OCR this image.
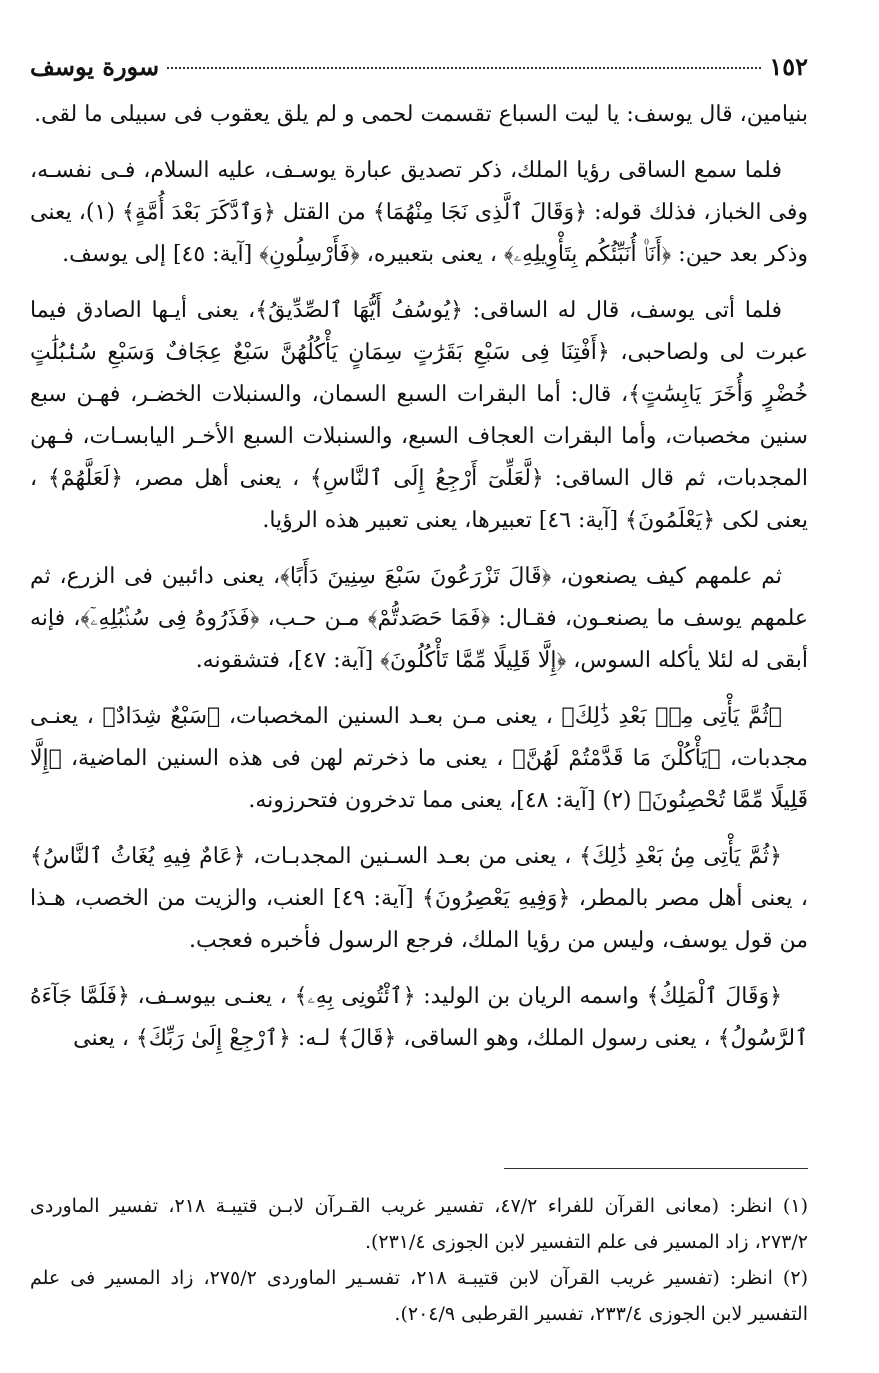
١٥٢
سورة يوسف

بنيامين، قال يوسف: يا ليت السباع تقسمت لحمى و لم يلق يعقوب فى سبيلى ما لقى.

فلما سمع الساقى رؤيا الملك، ذكر تصديق عبارة يوسـف، عليه السلام، فـى نفسـه، وفى الخباز، فذلك قوله: ﴿وَقَالَ ٱلَّذِى نَجَا مِنْهُمَا﴾ من القتل ﴿وَٱدَّكَرَ بَعْدَ أُمَّةٍ﴾ (١)، يعنى وذكر بعد حين: ﴿أَنَا۠ أُنَبِّئُكُم بِتَأْوِيلِهِۦ﴾ ، يعنى بتعبيره، ﴿فَأَرْسِلُونِ﴾ [آية: ٤٥] إلى يوسف.

فلما أتى يوسف، قال له الساقى: ﴿يُوسُفُ أَيُّهَا ٱلصِّدِّيقُ﴾، يعنى أيـها الصادق فيما عبرت لى ولصاحبى، ﴿أَفْتِنَا فِى سَبْعِ بَقَرَٰتٍ سِمَانٍ يَأْكُلُهُنَّ سَبْعٌ عِجَافٌ وَسَبْعِ سُنۢبُلَٰتٍ خُضْرٍ وَأُخَرَ يَابِسَٰتٍ﴾، قال: أما البقرات السبع السمان، والسنبلات الخضـر، فهـن سبع سنين مخصبات، وأما البقرات العجاف السبع، والسنبلات السبع الأخـر اليابسـات، فـهن المجدبات، ثم قال الساقى: ﴿لَّعَلِّىٓ أَرْجِعُ إِلَى ٱلنَّاسِ﴾ ، يعنى أهل مصر، ﴿لَعَلَّهُمْ﴾ ، يعنى لكى ﴿يَعْلَمُونَ﴾ [آية: ٤٦] تعبيرها، يعنى تعبير هذه الرؤيا.

ثم علمهم كيف يصنعون، ﴿قَالَ تَزْرَعُونَ سَبْعَ سِنِينَ دَأَبًا﴾، يعنى دائبين فى الزرع، ثم علمهم يوسف ما يصنعـون، فقـال: ﴿فَمَا حَصَدتُّمْ﴾ مـن حـب، ﴿فَذَرُوهُ فِى سُنۢبُلِهِۦٓ﴾، فإنه أبقى له لئلا يأكله السوس، ﴿إِلَّا قَلِيلًا مِّمَّا تَأْكُلُونَ﴾ [آية: ٤٧]، فتشقونه.

﴿ثُمَّ يَأْتِى مِنۢ بَعْدِ ذَٰلِكَ﴾ ، يعنى مـن بعـد السنين المخصبات، ﴿سَبْعٌ شِدَادٌ﴾ ، يعنـى مجدبات، ﴿يَأْكُلْنَ مَا قَدَّمْتُمْ لَهُنَّ﴾ ، يعنى ما ذخرتم لهن فى هذه السنين الماضية، ﴿إِلَّا قَلِيلًا مِّمَّا تُحْصِنُونَ﴾ (٢) [آية: ٤٨]، يعنى مما تدخرون فتحرزونه.

﴿ثُمَّ يَأْتِى مِنۢ بَعْدِ ذَٰلِكَ﴾ ، يعنى من بعـد السـنين المجدبـات، ﴿عَامٌ فِيهِ يُغَاثُ ٱلنَّاسُ﴾ ، يعنى أهل مصر بالمطر، ﴿وَفِيهِ يَعْصِرُونَ﴾ [آية: ٤٩] العنب، والزيت من الخصب، هـذا من قول يوسف، وليس من رؤيا الملك، فرجع الرسول فأخبره فعجب.

﴿وَقَالَ ٱلْمَلِكُ﴾ واسمه الريان بن الوليد: ﴿ٱئْتُونِى بِهِۦ﴾ ، يعنـى بيوسـف، ﴿فَلَمَّا جَآءَهُ ٱلرَّسُولُ﴾ ، يعنى رسول الملك، وهو الساقى، ﴿قَالَ﴾ لـه: ﴿ٱرْجِعْ إِلَىٰ رَبِّكَ﴾ ، يعنى

(١) انظر: (معانى القرآن للفراء ٤٧/٢، تفسير غريب القـرآن لابـن قتيبـة ٢١٨، تفسير الماوردى ٢٧٣/٢، زاد المسير فى علم التفسير لابن الجوزى ٢٣١/٤).

(٢) انظر: (تفسير غريب القرآن لابن قتيبـة ٢١٨، تفسـير الماوردى ٢٧٥/٢، زاد المسير فى علم التفسير لابن الجوزى ٢٣٣/٤، تفسير القرطبى ٢٠٤/٩).
